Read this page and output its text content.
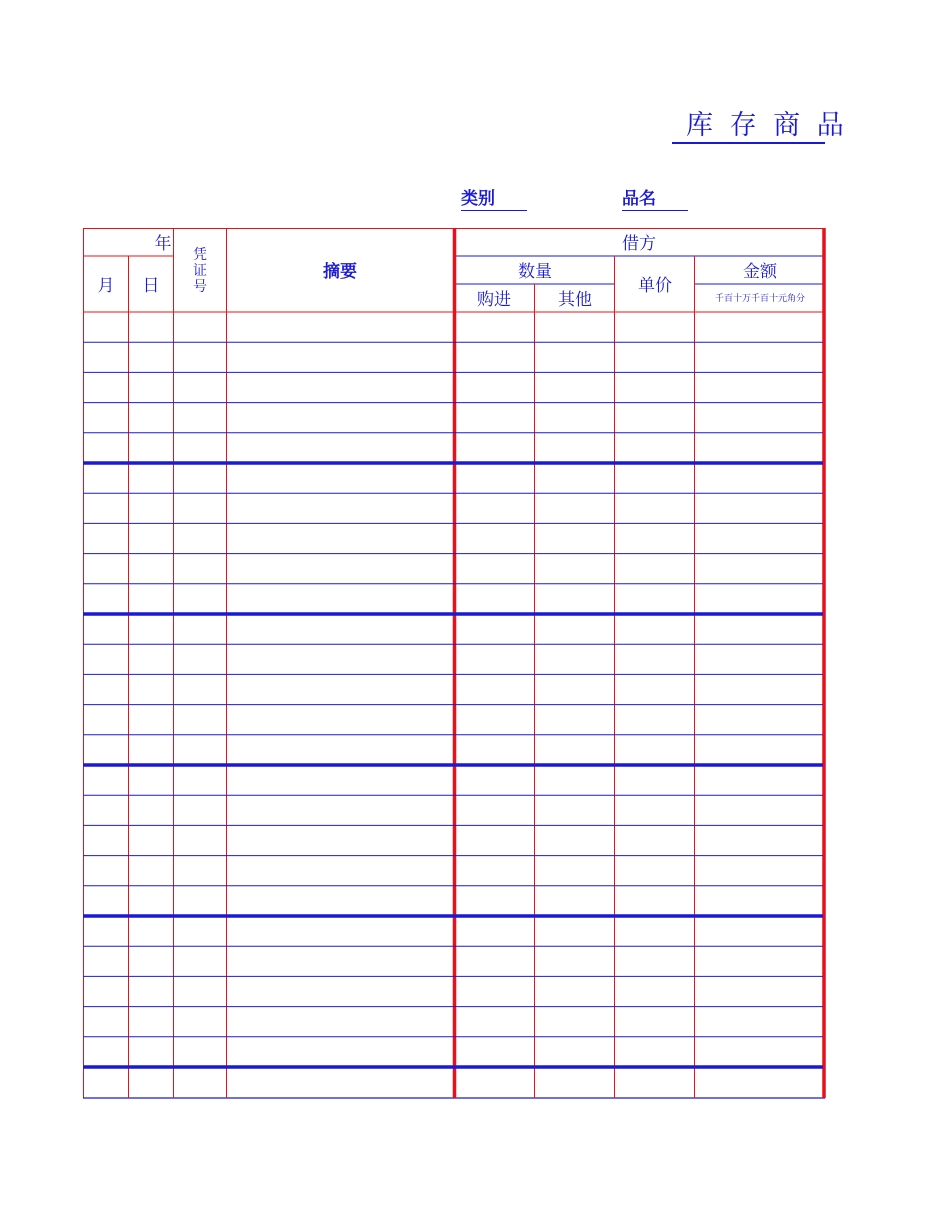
库 存 商 品
类别	品名
年
月 日
凭
证
号
摘要
借方
数量
购进	其他
单价
金额
千百十万千百十元角分
